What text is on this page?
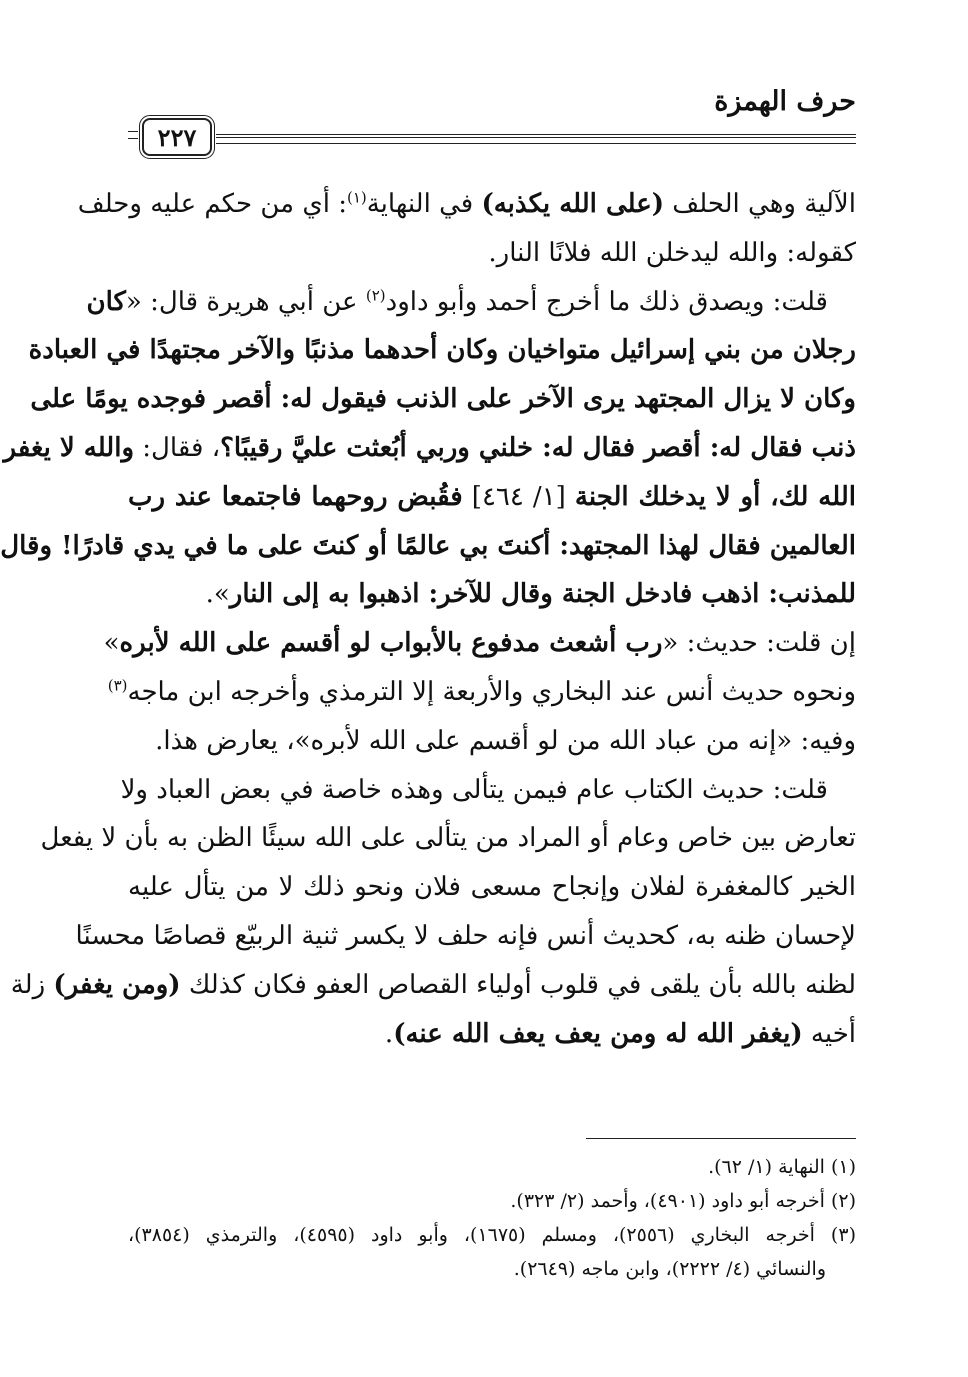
حرف الهمزة
٢٢٧
الآلية وهي الحلف (على الله يكذبه) في النهاية$^{(١)}$: أي من حكم عليه وحلف
كقوله: والله ليدخلن الله فلانًا النار.
قلت: ويصدق ذلك ما أخرج أحمد وأبو داود$^{(٢)}$ عن أبي هريرة قال: «كان
رجلان من بني إسرائيل متواخيان وكان أحدهما مذنبًا والآخر مجتهدًا في العبادة
وكان لا يزال المجتهد يرى الآخر على الذنب فيقول له: أقصر فوجده يومًا على
ذنب فقال له: أقصر فقال له: خلني وربي أبُعثت عليَّ رقيبًا؟، فقال: والله لا يغفر
الله لك، أو لا يدخلك الجنة [١/ ٤٦٤] فقُبض روحهما فاجتمعا عند رب
العالمين فقال لهذا المجتهد: أكنتَ بي عالمًا أو كنتَ على ما في يدي قادرًا! وقال
للمذنب: اذهب فادخل الجنة وقال للآخر: اذهبوا به إلى النار».
إن قلت: حديث: «رب أشعث مدفوع بالأبواب لو أقسم على الله لأبره»
ونحوه حديث أنس عند البخاري والأربعة إلا الترمذي وأخرجه ابن ماجه$^{(٣)}$
وفيه: «إنه من عباد الله من لو أقسم على الله لأبره»، يعارض هذا.
قلت: حديث الكتاب عام فيمن يتألى وهذه خاصة في بعض العباد ولا
تعارض بين خاص وعام أو المراد من يتألى على الله سيئًا الظن به بأن لا يفعل
الخير كالمغفرة لفلان وإنجاح مسعى فلان ونحو ذلك لا من يتأل عليه
لإحسان ظنه به، كحديث أنس فإنه حلف لا يكسر ثنية الربيّع قصاصًا محسنًا
لظنه بالله بأن يلقى في قلوب أولياء القصاص العفو فكان كذلك (ومن يغفر) زلة
أخيه (يغفر الله له ومن يعف يعف الله عنه).
(١) النهاية (١/ ٦٢).
(٢) أخرجه أبو داود (٤٩٠١)، وأحمد (٢/ ٣٢٣).
(٣) أخرجه البخاري (٢٥٥٦)، ومسلم (١٦٧٥)، وأبو داود (٤٥٩٥)، والترمذي (٣٨٥٤)،
والنسائي (٤/ ٢٢٢٢)، وابن ماجه (٢٦٤٩).
